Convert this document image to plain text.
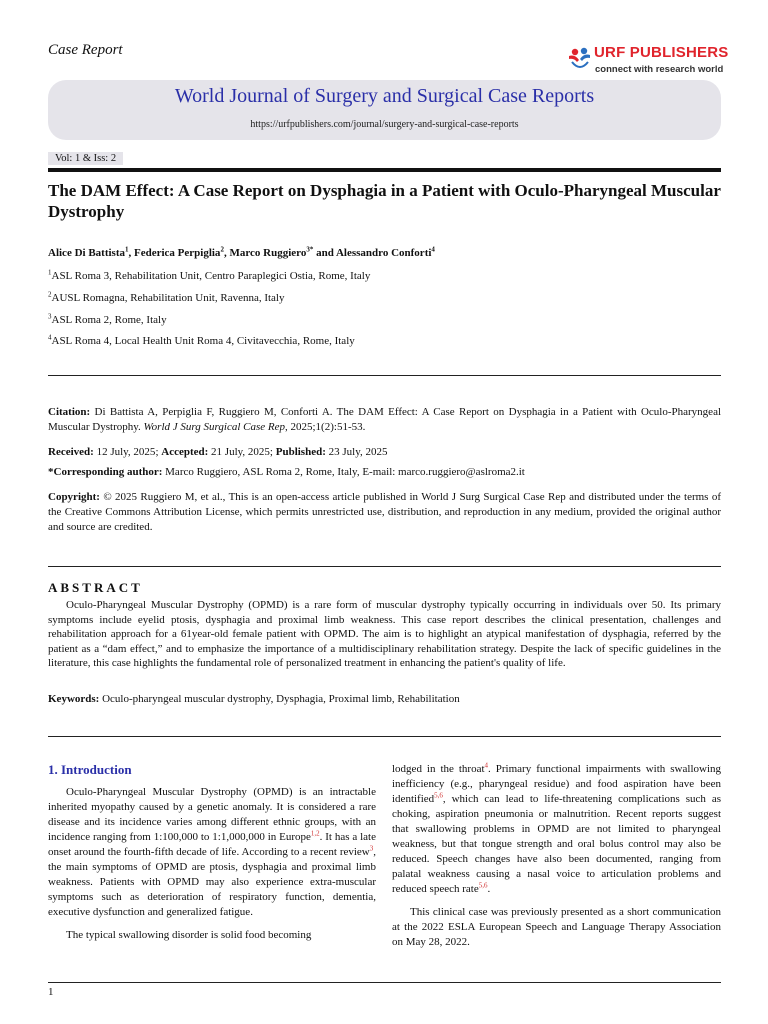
Case Report	URF PUBLISHERS
connect with research world
World Journal of Surgery and Surgical Case Reports
https://urfpublishers.com/journal/surgery-and-surgical-case-reports
Vol: 1 & Iss: 2
The DAM Effect: A Case Report on Dysphagia in a Patient with Oculo-Pharyngeal Muscular Dystrophy
Alice Di Battista$^1$, Federica Perpiglia$^2$, Marco Ruggiero$^{3*}$ and Alessandro Conforti$^4$
$^1$ASL Roma 3, Rehabilitation Unit, Centro Paraplegici Ostia, Rome, Italy
$^2$AUSL Romagna, Rehabilitation Unit, Ravenna, Italy
$^3$ASL Roma 2, Rome, Italy
$^4$ASL Roma 4, Local Health Unit Roma 4, Civitavecchia, Rome, Italy
Citation: Di Battista A, Perpiglia F, Ruggiero M, Conforti A. The DAM Effect: A Case Report on Dysphagia in a Patient with Oculo-Pharyngeal Muscular Dystrophy. World J Surg Surgical Case Rep, 2025;1(2):51-53.
Received: 12 July, 2025; Accepted: 21 July, 2025; Published: 23 July, 2025
*Corresponding author: Marco Ruggiero, ASL Roma 2, Rome, Italy, E-mail: marco.ruggiero@aslroma2.it
Copyright: © 2025 Ruggiero M, et al., This is an open-access article published in World J Surg Surgical Case Rep and distributed under the terms of the Creative Commons Attribution License, which permits unrestricted use, distribution, and reproduction in any medium, provided the original author and source are credited.
ABSTRACT
Oculo-Pharyngeal Muscular Dystrophy (OPMD) is a rare form of muscular dystrophy typically occurring in individuals over 50. Its primary symptoms include eyelid ptosis, dysphagia and proximal limb weakness. This case report describes the clinical presentation, challenges and rehabilitation approach for a 61year-old female patient with OPMD. The aim is to highlight an atypical manifestation of dysphagia, referred by the patient as a “dam effect,” and to emphasize the importance of a multidisciplinary rehabilitation strategy. Despite the lack of specific guidelines in the literature, this case highlights the fundamental role of personalized treatment in enhancing the patient's quality of life.
Keywords: Oculo-pharyngeal muscular dystrophy, Dysphagia, Proximal limb, Rehabilitation
1. Introduction

Oculo-Pharyngeal Muscular Dystrophy (OPMD) is an intractable inherited myopathy caused by a genetic anomaly. It is considered a rare disease and its incidence varies among different ethnic groups, with an incidence ranging from 1:100,000 to 1:1,000,000 in Europe$^{1,2}$. It has a late onset around the fourth-fifth decade of life. According to a recent review$^3$, the main symptoms of OPMD are ptosis, dysphagia and proximal limb weakness. Patients with OPMD may also experience extra-muscular symptoms such as deterioration of respiratory function, dementia, executive dysfunction and generalized fatigue.

The typical swallowing disorder is solid food becoming

lodged in the throat$^4$. Primary functional impairments with swallowing inefficiency (e.g., pharyngeal residue) and food aspiration have been identified$^{5,6}$, which can lead to life-threatening complications such as choking, aspiration pneumonia or malnutrition. Recent reports suggest that swallowing problems in OPMD are not limited to pharyngeal weakness, but that tongue strength and oral bolus control may also be reduced. Speech changes have also been documented, ranging from palatal weakness causing a nasal voice to articulation problems and reduced speech rate$^{5,6}$.

This clinical case was previously presented as a short communication at the 2022 ESLA European Speech and Language Therapy Association on May 28, 2022.

1
